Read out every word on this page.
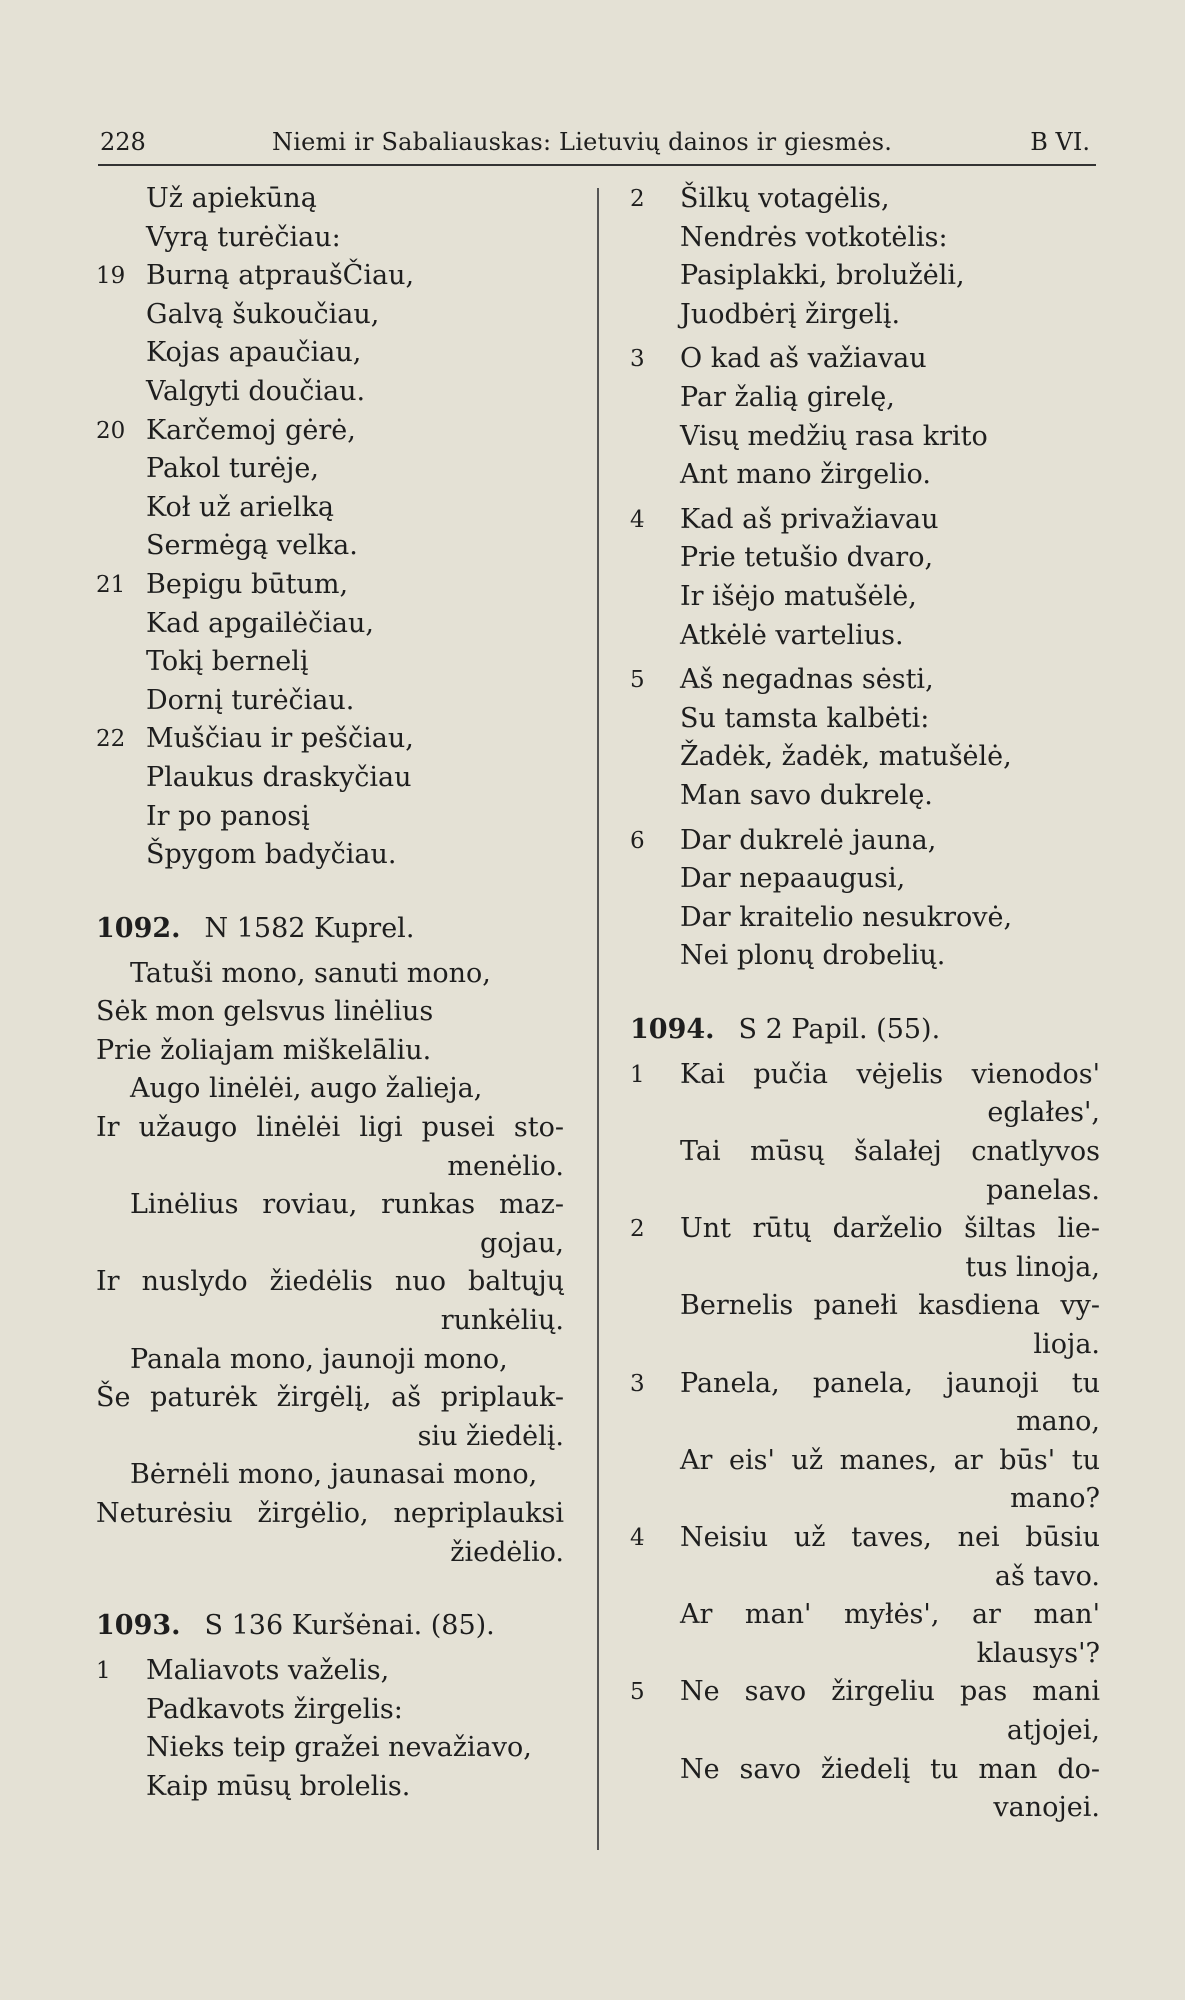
228	Niemi ir Sabaliauskas: Lietuvių dainos ir giesmės.	B VI.
Už apiekūną
Vyrą turėčiau:
19 Burną atpraušČiau,
Galvą šukoučiau,
Kojas apaučiau,
Valgyti doučiau.
20 Karčemoj gėrė,
Pakol turėje,
Koł už arielką
Sermėgą velka.
21 Bepigu būtum,
Kad apgailėčiau,
Tokį bernelį
Dornį turėčiau.
22 Muščiau ir peščiau,
Plaukus draskyčiau
Ir po panosį
Špygom badyčiau.
1092. N 1582 Kuprel.
Tatuši mono, sanuti mono,
Sėk mon gelsvus linėlius
Prie žoliajam miškelāliu.
Augo linėlėi, augo žalieja,
Ir užaugo linėlėi ligi pusei sto-
menėlio.
Linėlius roviau, runkas maz-
gojau,
Ir nuslydo žiedėlis nuo baltųjų
runkėlių.
Panala mono, jaunoji mono,
Še paturėk žirgėlį, aš priplauk-
siu žiedėlį.
Bėrnėli mono, jaunasai mono,
Neturėsiu žirgėlio, nepriplauksi
žiedėlio.
1093. S 136 Kuršėnai. (85).
1	Maliavots važelis,
Padkavots žirgelis:
Nieks teip gražei nevažiavo,
Kaip mūsų brolelis.
2	Šilkų votagėlis,
Nendrės votkotėlis:
Pasiplakki, brolužėli,
Juodbėrį žirgelį.
3	O kad aš važiavau
Par žalią girelę,
Visų medžių rasa krito
Ant mano žirgelio.
4	Kad aš privažiavau
Prie tetušio dvaro,
Ir išėjo matušėlė,
Atkėlė vartelius.
5	Aš negadnas sėsti,
Su tamsta kalbėti:
Žadėk, žadėk, matušėlė,
Man savo dukrelę.
6	Dar dukrelė jauna,
Dar nepaaugusi,
Dar kraitelio nesukrovė,
Nei plonų drobelių.
1094. S 2 Papil. (55).
1	Kai pučia vėjelis vienodos'
eglałes',
Tai mūsų šalałej cnatlyvos
panelas.
2	Unt rūtų darželio šiltas lie-
tus linoja,
Bernelis panełi kasdiena vy-
lioja.
3	Panela, panela, jaunoji tu
mano,
Ar eis' už manes, ar būs' tu
mano?
4	Neisiu už taves, nei būsiu
aš tavo.
Ar man' myłės', ar man'
klausys'?
5	Ne savo žirgeliu pas mani
atjojei,
Ne savo žiedelį tu man do-
vanojei.
